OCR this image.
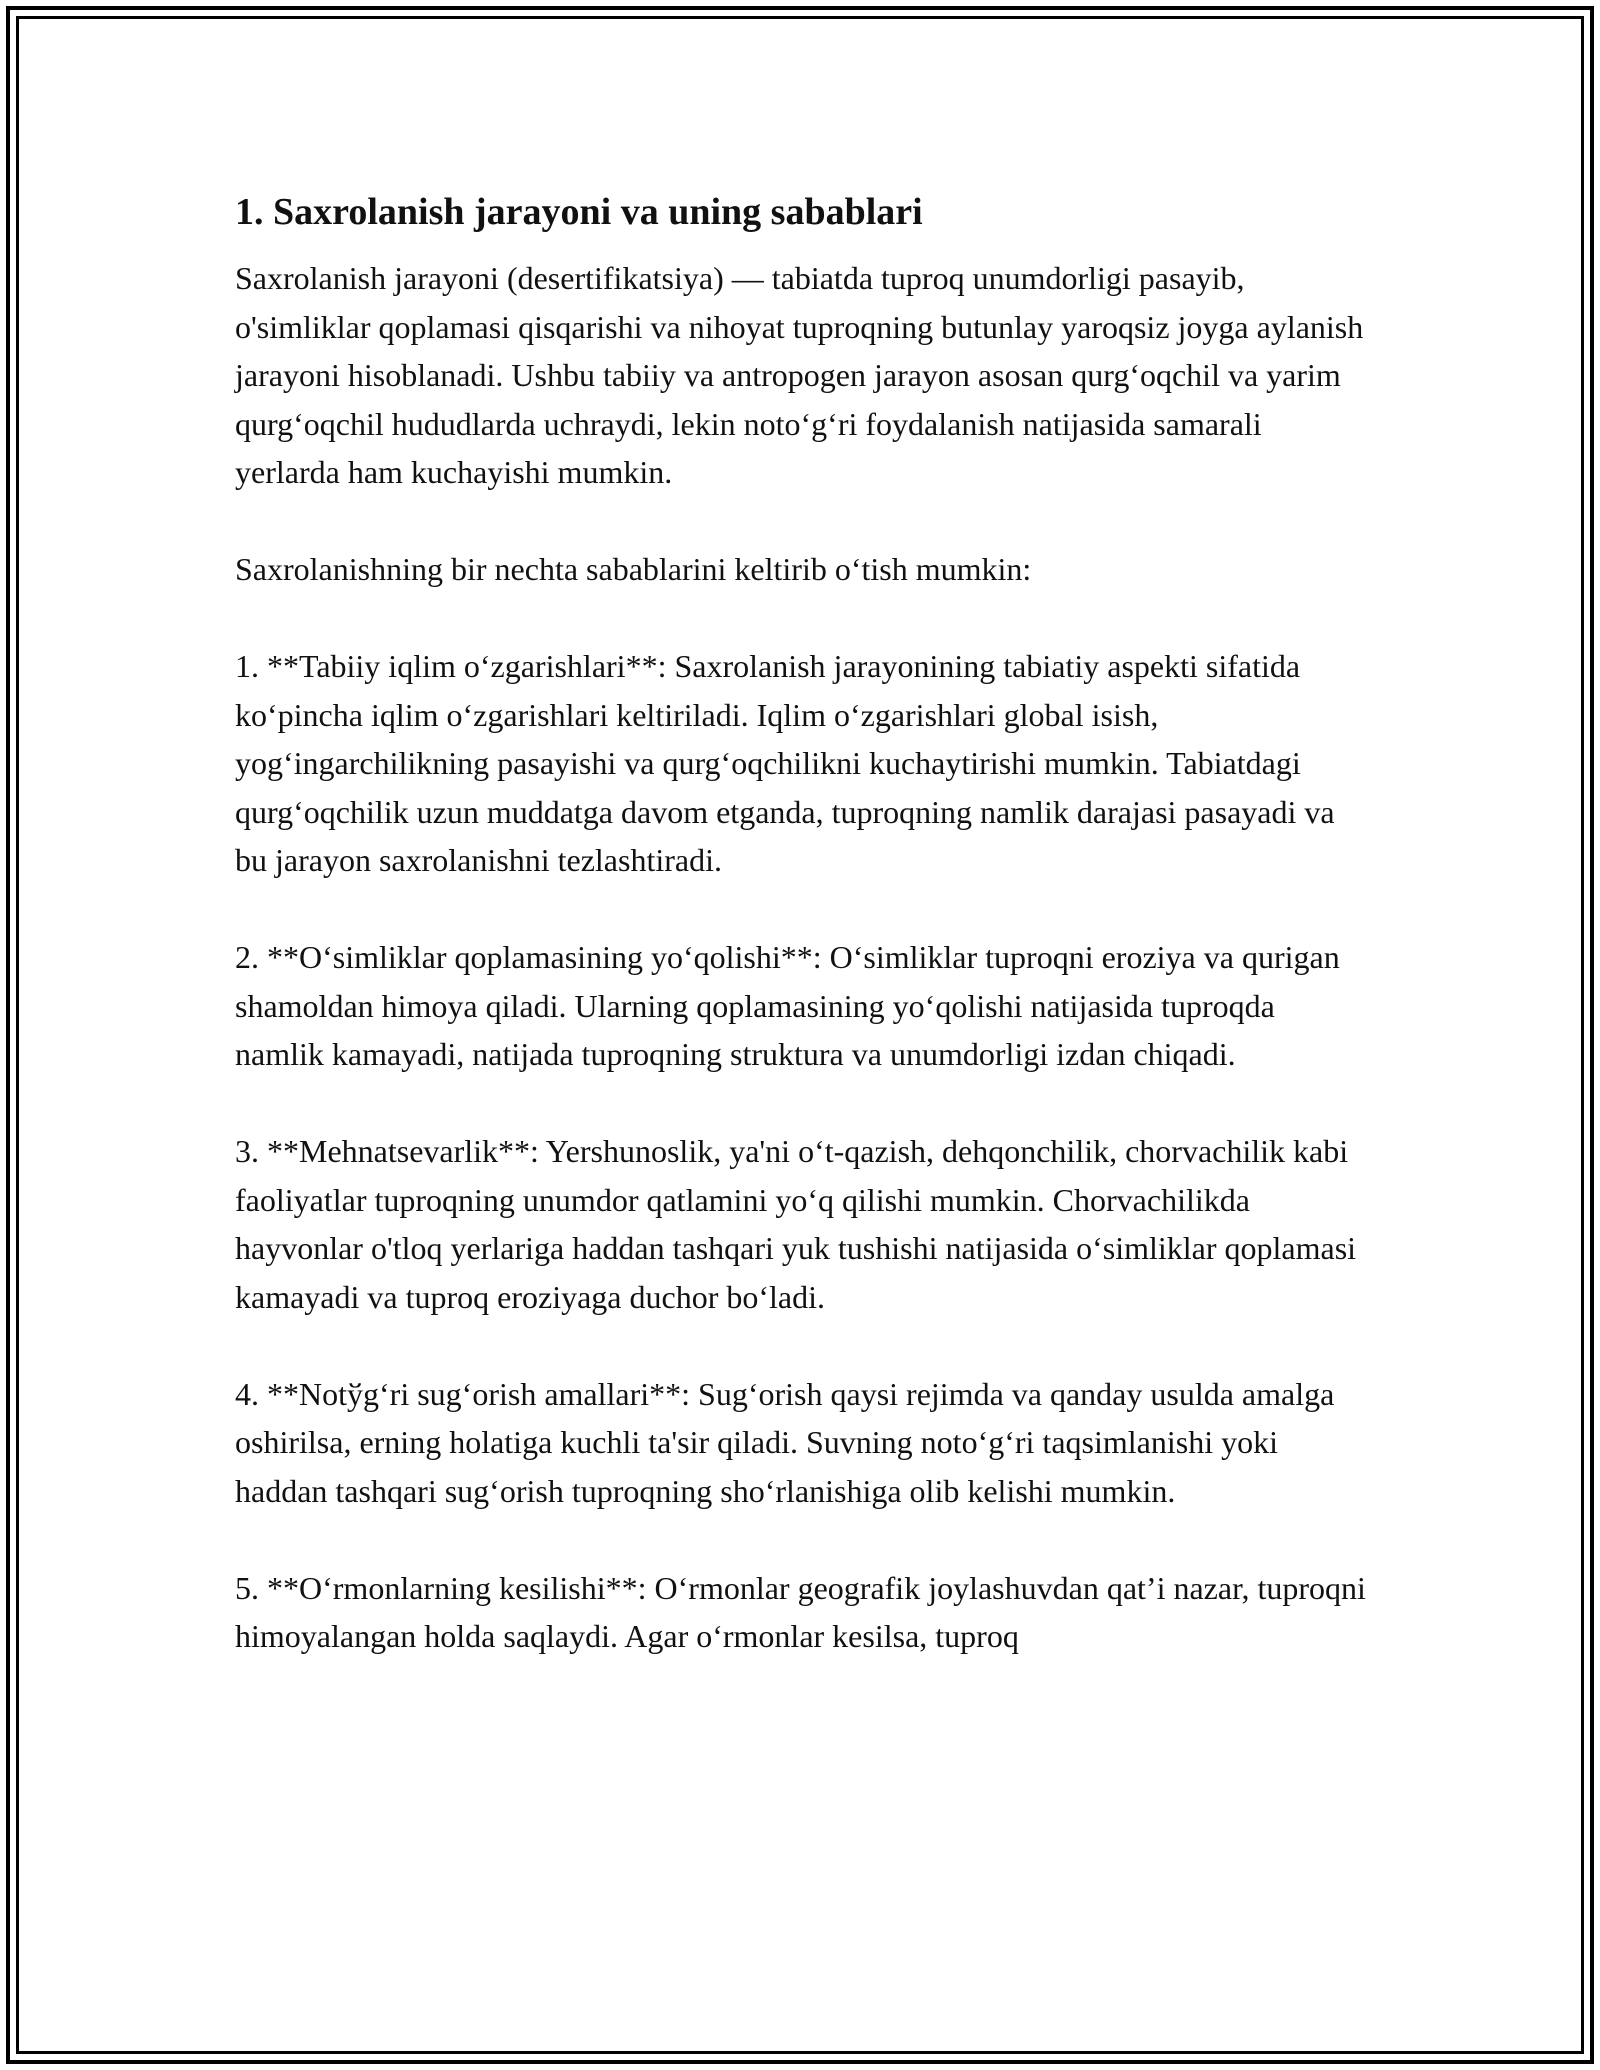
1. Saxrolanish jarayoni va uning sabablari

Saxrolanish jarayoni (desertifikatsiya) — tabiatda tuproq unumdorligi pasayib, o'simliklar qoplamasi qisqarishi va nihoyat tuproqning butunlay yaroqsiz joyga aylanish jarayoni hisoblanadi. Ushbu tabiiy va antropogen jarayon asosan qurg‘oqchil va yarim qurg‘oqchil hududlarda uchraydi, lekin noto‘g‘ri foydalanish natijasida samarali yerlarda ham kuchayishi mumkin.

Saxrolanishning bir nechta sabablarini keltirib o‘tish mumkin:

1. **Tabiiy iqlim o‘zgarishlari**: Saxrolanish jarayonining tabiatiy aspekti sifatida ko‘pincha iqlim o‘zgarishlari keltiriladi. Iqlim o‘zgarishlari global isish, yog‘ingarchilikning pasayishi va qurg‘oqchilikni kuchaytirishi mumkin. Tabiatdagi qurg‘oqchilik uzun muddatga davom etganda, tuproqning namlik darajasi pasayadi va bu jarayon saxrolanishni tezlashtiradi.

2. **O‘simliklar qoplamasining yo‘qolishi**: O‘simliklar tuproqni eroziya va qurigan shamoldan himoya qiladi. Ularning qoplamasining yo‘qolishi natijasida tuproqda namlik kamayadi, natijada tuproqning struktura va unumdorligi izdan chiqadi.

3. **Mehnatsevarlik**: Yershunoslik, ya'ni o‘t-qazish, dehqonchilik, chorvachilik kabi faoliyatlar tuproqning unumdor qatlamini yo‘q qilishi mumkin. Chorvachilikda hayvonlar o'tloq yerlariga haddan tashqari yuk tushishi natijasida o‘simliklar qoplamasi kamayadi va tuproq eroziyaga duchor bo‘ladi.

4. **Notўg‘ri sug‘orish amallari**: Sug‘orish qaysi rejimda va qanday usulda amalga oshirilsa, erning holatiga kuchli ta'sir qiladi. Suvning noto‘g‘ri taqsimlanishi yoki haddan tashqari sug‘orish tuproqning sho‘rlanishiga olib kelishi mumkin.

5. **O‘rmonlarning kesilishi**: O‘rmonlar geografik joylashuvdan qat’i nazar, tuproqni himoyalangan holda saqlaydi. Agar o‘rmonlar kesilsa, tuproq
